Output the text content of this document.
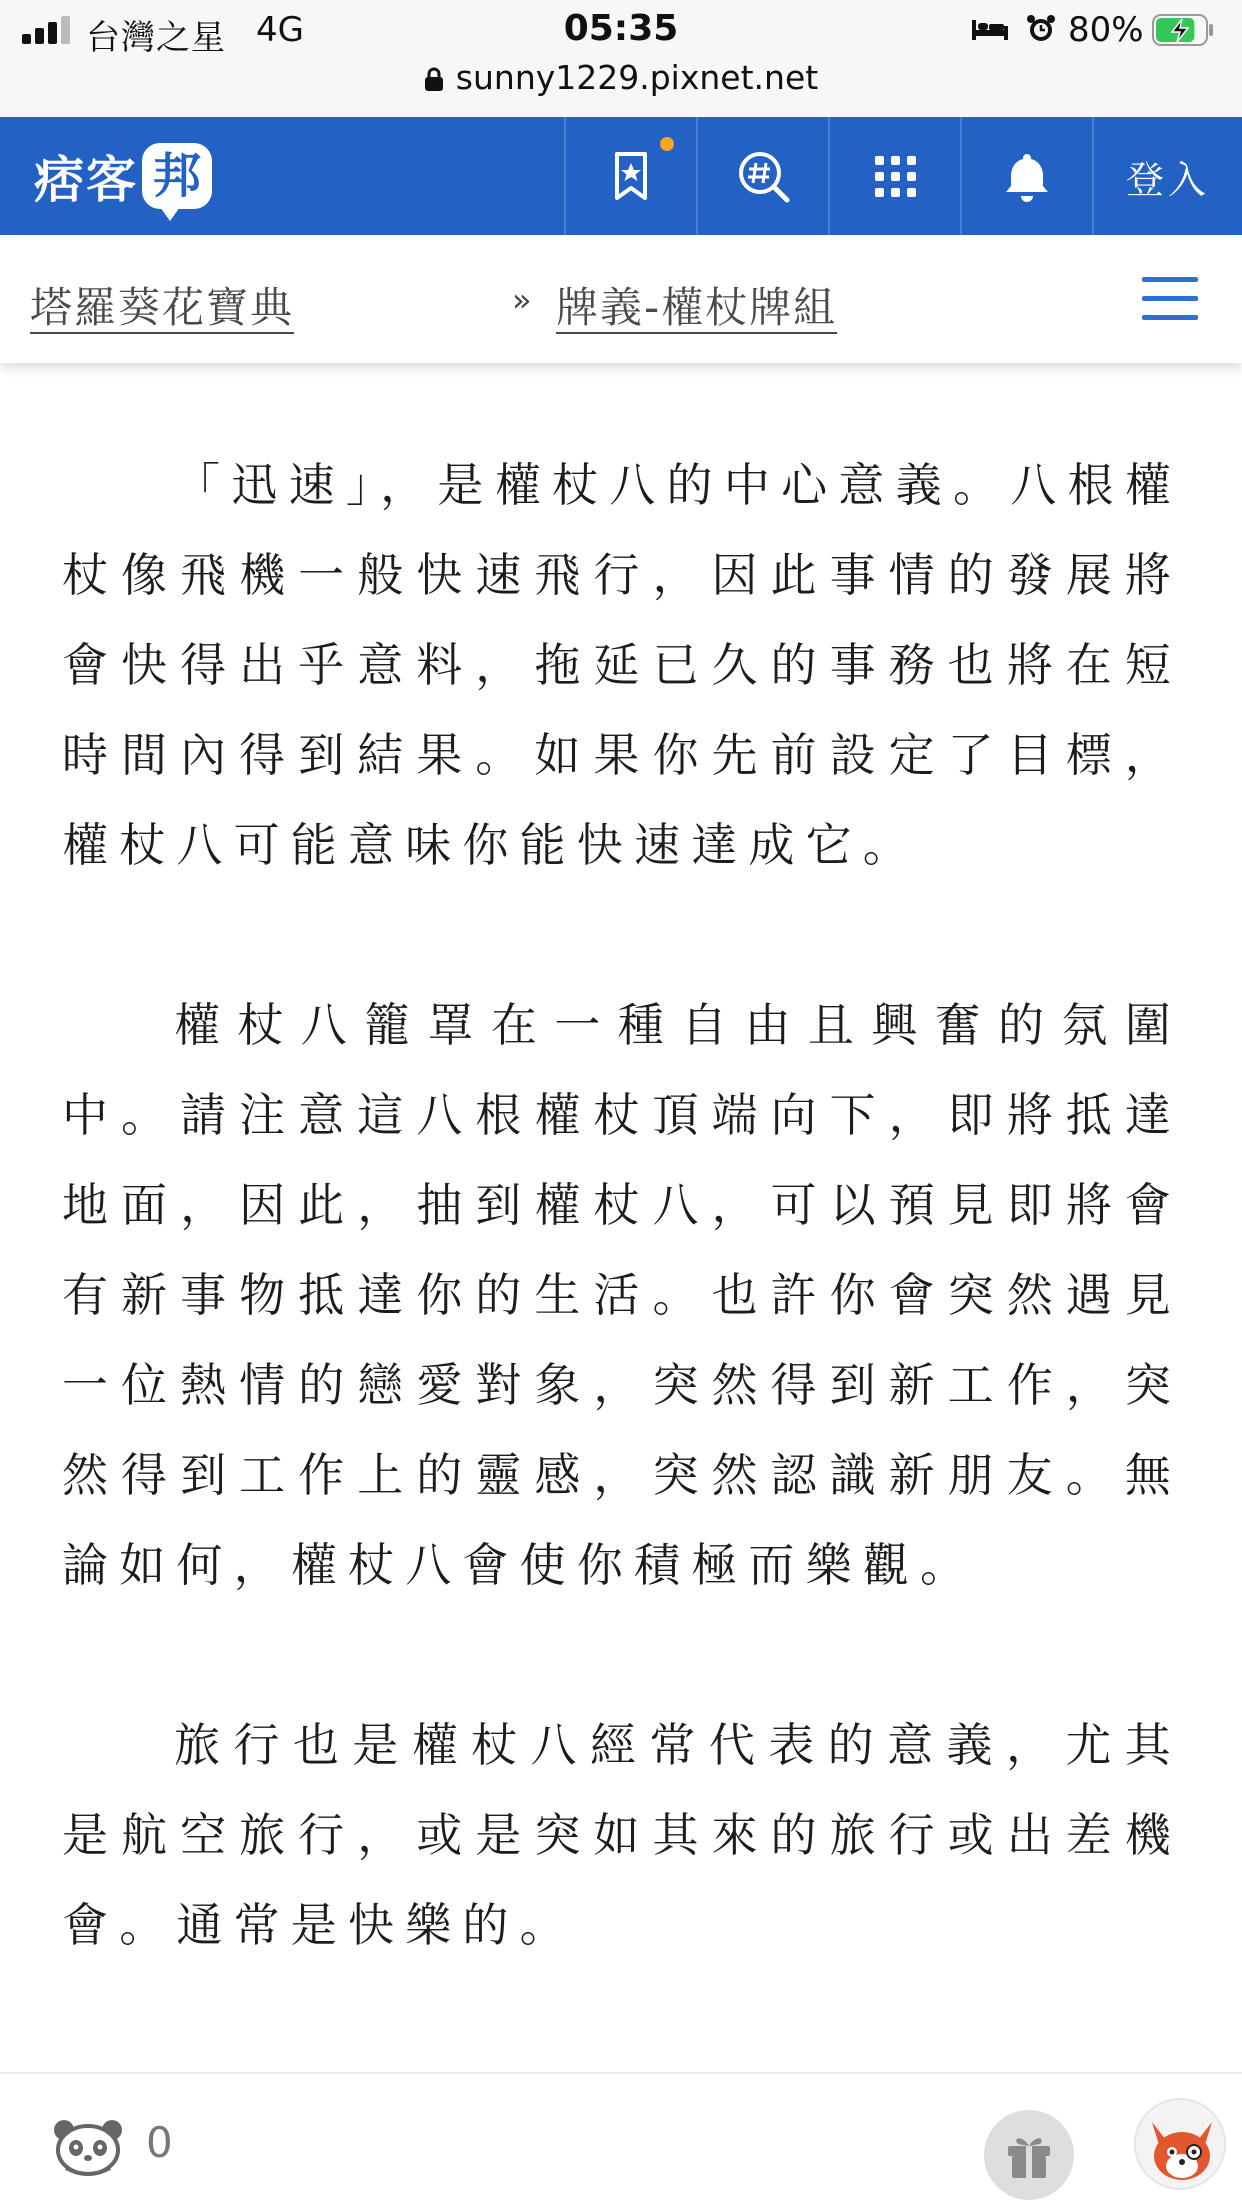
台灣之星 4G	05:35	80%
sunny1229.pixnet.net
痞客 邦	登入
塔羅葵花寶典	» 牌義-權杖牌組

「迅速」，是權杖八的中心意義。八根權杖像飛機一般快速飛行，因此事情的發展將會快得出乎意料，拖延已久的事務也將在短時間內得到結果。如果你先前設定了目標，權杖八可能意味你能快速達成它。

權杖八籠罩在一種自由且興奮的氛圍中。請注意這八根權杖頂端向下，即將抵達地面，因此，抽到權杖八，可以預見即將會有新事物抵達你的生活。也許你會突然遇見一位熱情的戀愛對象，突然得到新工作，突然得到工作上的靈感，突然認識新朋友。無論如何，權杖八會使你積極而樂觀。

旅行也是權杖八經常代表的意義，尤其是航空旅行，或是突如其來的旅行或出差機會。通常是快樂的。

0
